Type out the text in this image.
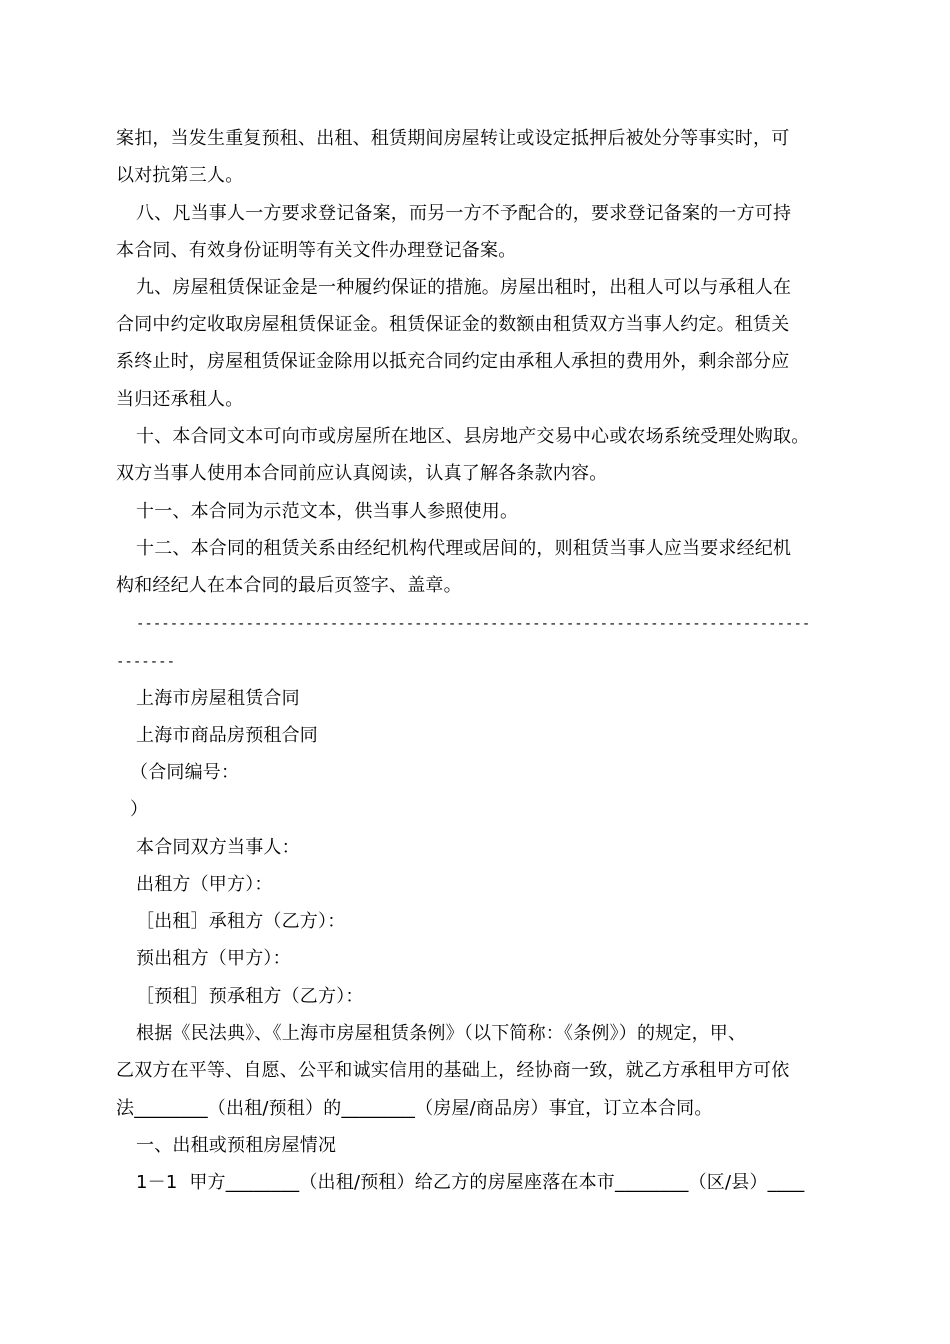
案扣，当发生重复预租、出租、租赁期间房屋转让或设定抵押后被处分等事实时，可
以对抗第三人。
八、凡当事人一方要求登记备案，而另一方不予配合的，要求登记备案的一方可持
本合同、有效身份证明等有关文件办理登记备案。
九、房屋租赁保证金是一种履约保证的措施。房屋出租时，出租人可以与承租人在
合同中约定收取房屋租赁保证金。租赁保证金的数额由租赁双方当事人约定。租赁关
系终止时，房屋租赁保证金除用以抵充合同约定由承租人承担的费用外，剩余部分应
当归还承租人。
十、本合同文本可向市或房屋所在地区、县房地产交易中心或农场系统受理处购取。
双方当事人使用本合同前应认真阅读，认真了解各条款内容。
十一、本合同为示范文本，供当事人参照使用。
十二、本合同的租赁关系由经纪机构代理或居间的，则租赁当事人应当要求经纪机
构和经纪人在本合同的最后页签字、盖章。
--------------------------------------------------------------------------------
-------
上海市房屋租赁合同
上海市商品房预租合同
（合同编号：
）
本合同双方当事人：
出租方（甲方）：
［出租］承租方（乙方）：
预出租方（甲方）：
［预租］预承租方（乙方）：
根据《民法典》、《上海市房屋租赁条例》（以下简称：《条例》）的规定，甲、
乙双方在平等、自愿、公平和诚实信用的基础上，经协商一致，就乙方承租甲方可依
法________（出租/预租）的________（房屋/商品房）事宜，订立本合同。
一、出租或预租房屋情况
1－1  甲方________（出租/预租）给乙方的房屋座落在本市________（区/县）____
